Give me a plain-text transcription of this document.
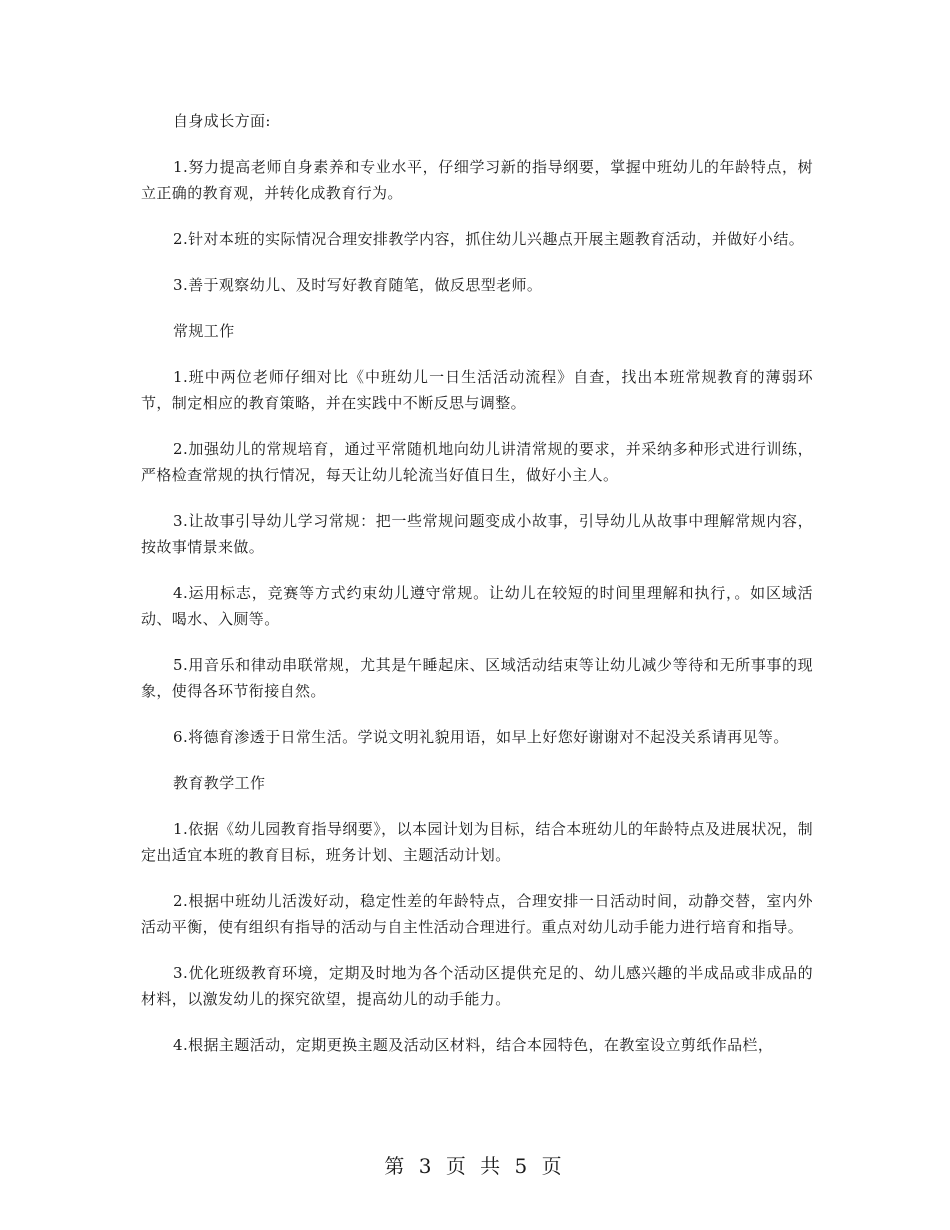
自身成长方面:

1.努力提高老师自身素养和专业水平，仔细学习新的指导纲要，掌握中班幼儿的年龄特点，树立正确的教育观，并转化成教育行为。

2.针对本班的实际情况合理安排教学内容，抓住幼儿兴趣点开展主题教育活动，并做好小结。

3.善于观察幼儿、及时写好教育随笔，做反思型老师。

常规工作

1.班中两位老师仔细对比《中班幼儿一日生活活动流程》自查，找出本班常规教育的薄弱环节，制定相应的教育策略，并在实践中不断反思与调整。

2.加强幼儿的常规培育，通过平常随机地向幼儿讲清常规的要求，并采纳多种形式进行训练，严格检查常规的执行情况，每天让幼儿轮流当好值日生，做好小主人。

3.让故事引导幼儿学习常规：把一些常规问题变成小故事，引导幼儿从故事中理解常规内容，按故事情景来做。

4.运用标志，竞赛等方式约束幼儿遵守常规。让幼儿在较短的时间里理解和执行，。如区域活动、喝水、入厕等。

5.用音乐和律动串联常规，尤其是午睡起床、区域活动结束等让幼儿减少等待和无所事事的现象，使得各环节衔接自然。

6.将德育渗透于日常生活。学说文明礼貌用语，如早上好您好谢谢对不起没关系请再见等。

教育教学工作

1.依据《幼儿园教育指导纲要》，以本园计划为目标，结合本班幼儿的年龄特点及进展状况，制定出适宜本班的教育目标，班务计划、主题活动计划。

2.根据中班幼儿活泼好动，稳定性差的年龄特点，合理安排一日活动时间，动静交替，室内外活动平衡，使有组织有指导的活动与自主性活动合理进行。重点对幼儿动手能力进行培育和指导。

3.优化班级教育环境，定期及时地为各个活动区提供充足的、幼儿感兴趣的半成品或非成品的材料，以激发幼儿的探究欲望，提高幼儿的动手能力。

4.根据主题活动，定期更换主题及活动区材料，结合本园特色，在教室设立剪纸作品栏，

第 3 页 共 5 页
